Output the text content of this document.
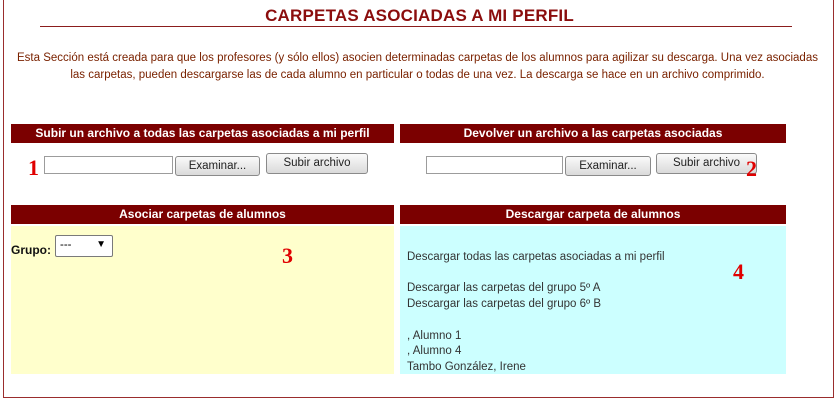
CARPETAS ASOCIADAS A MI PERFIL
Esta Sección está creada para que los profesores (y sólo ellos) asocien determinadas carpetas de los alumnos para agilizar su descarga. Una vez asociadas las carpetas, pueden descargarse las de cada alumno en particular o todas de una vez. La descarga se hace en un archivo comprimido.
Subir un archivo a todas las carpetas asociadas a mi perfil
1	Examinar...	Subir archivo
Devolver un archivo a las carpetas asociadas
Examinar...	Subir archivo 2
Asociar carpetas de alumnos
Grupo: --- ▼	3
Descargar carpeta de alumnos
Descargar todas las carpetas asociadas a mi perfil
Descargar las carpetas del grupo 5º A
Descargar las carpetas del grupo 6º B
, Alumno 1
, Alumno 4
Tambo González, Irene
4
